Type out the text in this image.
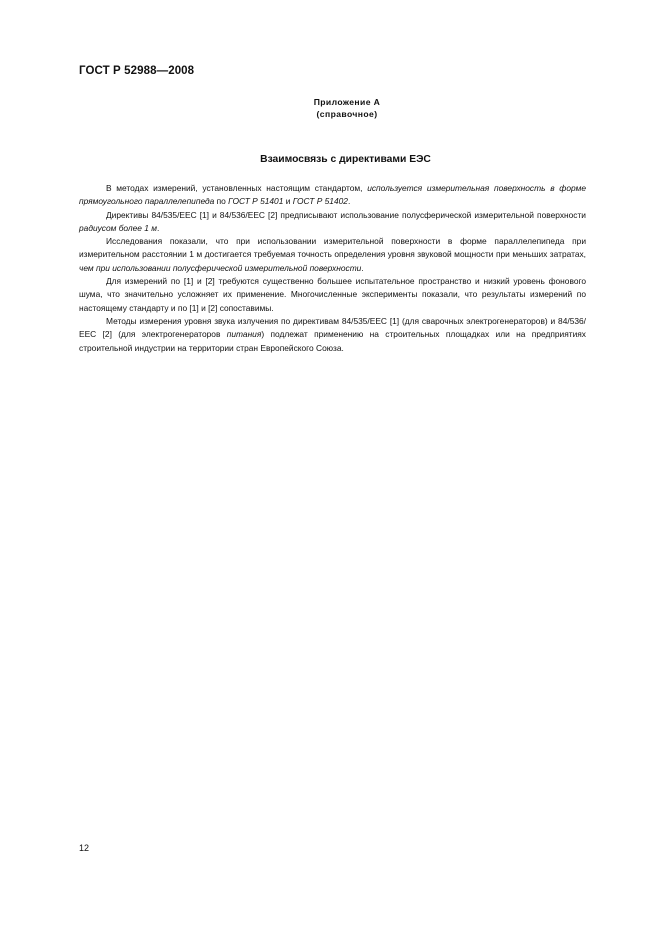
ГОСТ Р 52988—2008
Приложение А
(справочное)
Взаимосвязь с директивами ЕЭС

В методах измерений, установленных настоящим стандартом, используется измерительная поверхность в форме прямоугольного параллелепипеда по ГОСТ Р 51401 и ГОСТ Р 51402.

Директивы 84/535/ЕЕС [1] и 84/536/ЕЕС [2] предписывают использование полусферической измерительной поверхности радиусом более 1 м.

Исследования показали, что при использовании измерительной поверхности в форме параллелепипеда при измерительном расстоянии 1 м достигается требуемая точность определения уровня звуковой мощности при меньших затратах, чем при использовании полусферической измерительной поверхности.

Для измерений по [1] и [2] требуются существенно большее испытательное пространство и низкий уровень фонового шума, что значительно усложняет их применение. Многочисленные эксперименты показали, что результаты измерений по настоящему стандарту и по [1] и [2] сопоставимы.

Методы измерения уровня звука излучения по директивам 84/535/ЕЕС [1] (для сварочных электрогенераторов) и 84/536/ЕЕС [2] (для электрогенераторов питания) подлежат применению на строительных площадках или на предприятиях строительной индустрии на территории стран Европейского Союза.

12
